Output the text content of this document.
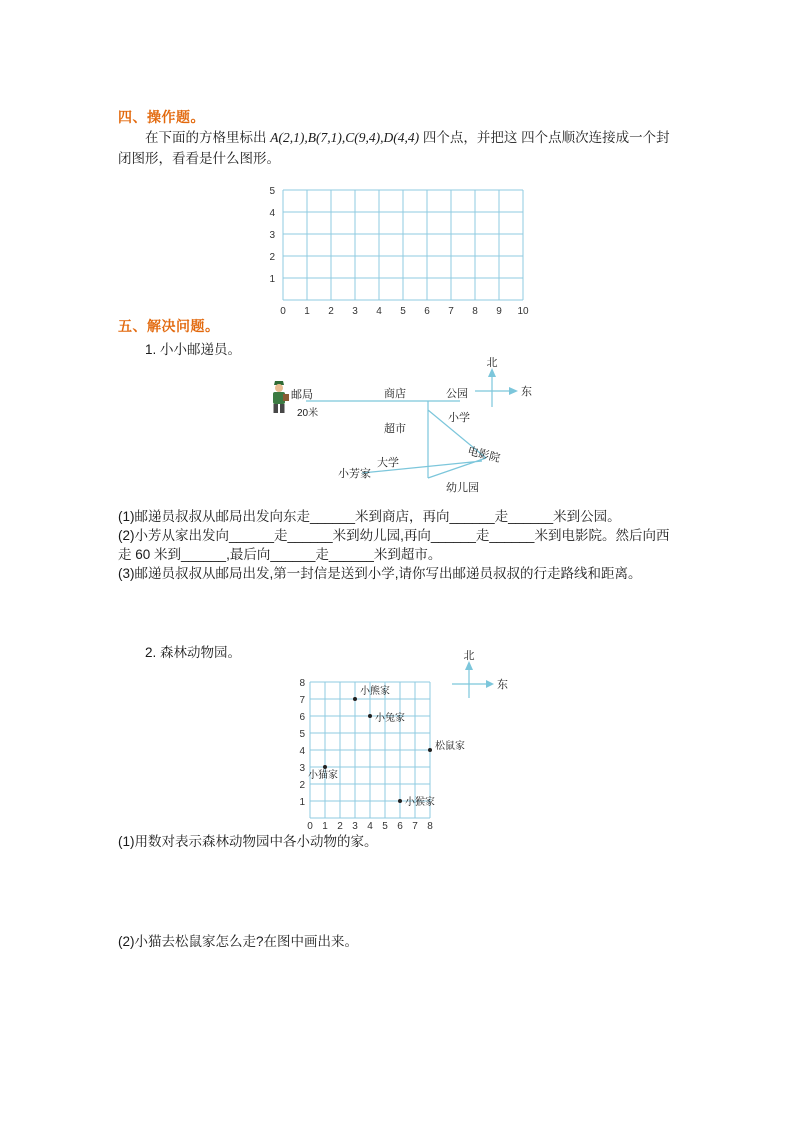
四、操作题。
在下面的方格里标出 A(2,1),B(7,1),C(9,4),D(4,4) 四个点，并把这 四个点顺次连接成一个封
闭图形，看看是什么图形。
5
4
3
2
1
0 1 2 3 4 5 6 7 8 9 10
五、解决问题。
1. 小小邮递员。
邮局	商店	公园
20米
超市
小学
电影院
大学
小芳家
幼儿园
北
东
(1)邮递员叔叔从邮局出发向东走______米到商店，再向______走______米到公园。
(2)小芳从家出发向______走______米到幼儿园,再向______走______米到电影院。然后向西
走 60 米到______,最后向______走______米到超市。
(3)邮递员叔叔从邮局出发,第一封信是送到小学,请你写出邮递员叔叔的行走路线和距离。
2. 森林动物园。
8
7
6
5
4
3
2
1
0 1 2 3 4 5 6 7 8
小熊家
小兔家
松鼠家
小猫家
小猴家
北
东
(1)用数对表示森林动物园中各小动物的家。
(2)小猫去松鼠家怎么走?在图中画出来。
